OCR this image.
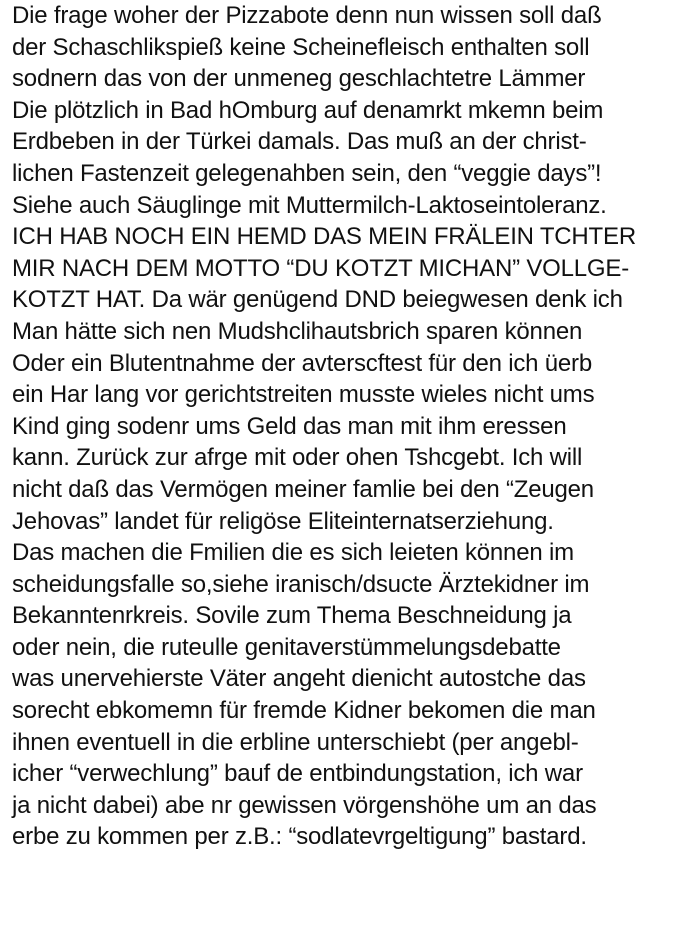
Die frage woher der Pizzabote denn nun wissen soll daß
der Schaschlikspieß keine Scheinefleisch enthalten soll
sodnern das von der unmeneg geschlachtetre Lämmer
Die plötzlich in Bad hOmburg auf denamrkt mkemn beim
Erdbeben in der Türkei damals. Das muß an der christ-
lichen Fastenzeit gelegenahben sein, den “veggie days”!
Siehe auch Säuglinge mit Muttermilch-Laktoseintoleranz.
ICH HAB NOCH EIN HEMD DAS MEIN FRÄLEIN TCHTER
MIR NACH DEM MOTTO “DU KOTZT MICHAN” VOLLGE-
KOTZT HAT. Da wär genügend DND beiegwesen denk ich
Man hätte sich nen Mudshclihautsbrich sparen können
Oder ein Blutentnahme der avterscftest für den ich üerb
ein Har lang vor gerichtstreiten musste wieles nicht ums
Kind ging sodenr ums Geld das man mit ihm eressen
kann. Zurück zur afrge mit oder ohen Tshcgebt. Ich will
nicht daß das Vermögen meiner famlie bei den “Zeugen
Jehovas” landet für religöse Eliteinternatserziehung.
Das machen die Fmilien die es sich leieten können im
scheidungsfalle so,siehe iranisch/dsucte Ärztekidner im
Bekanntenrkreis. Sovile zum Thema Beschneidung ja
oder nein, die ruteulle genitaverstümmelungsdebatte
was unervehierste Väter angeht dienicht autostche das
sorecht ebkomemn für fremde Kidner bekomen die man
ihnen eventuell in die erbline unterschiebt (per angebl-
icher “verwechlung” bauf de entbindungstation, ich war
ja nicht dabei) abe nr gewissen vörgenshöhe um an das
erbe zu kommen per z.B.: “sodlatevrgeltigung” bastard.
